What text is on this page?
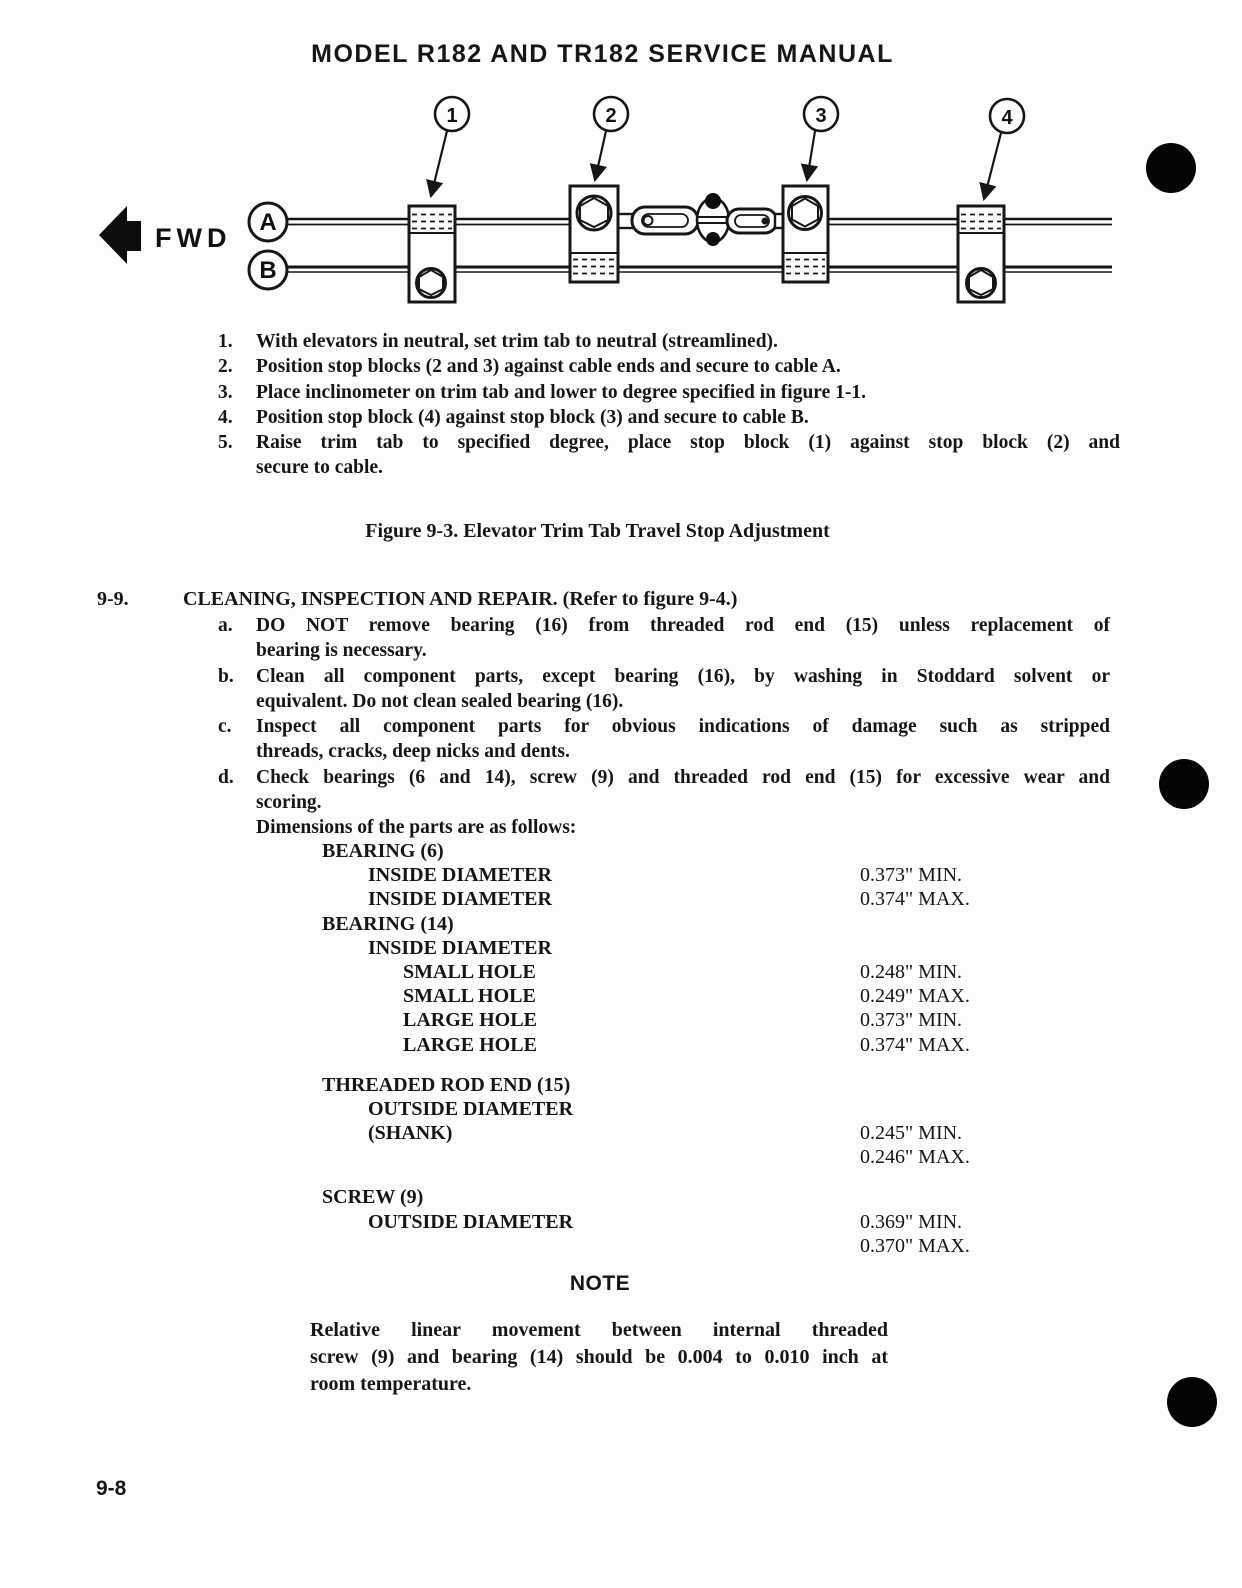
MODEL R182 AND TR182 SERVICE MANUAL
FWD
A
B
1	2	3	4
1.	With elevators in neutral, set trim tab to neutral (streamlined).
2.	Position stop blocks (2 and 3) against cable ends and secure to cable A.
3.	Place inclinometer on trim tab and lower to degree specified in figure 1-1.
4.	Position stop block (4) against stop block (3) and secure to cable B.
5.	Raise trim tab to specified degree, place stop block (1) against stop block (2) and
secure to cable.
Figure 9-3. Elevator Trim Tab Travel Stop Adjustment
9-9.	CLEANING, INSPECTION AND REPAIR. (Refer to figure 9-4.)
a.	DO NOT remove bearing (16) from threaded rod end (15) unless replacement of
bearing is necessary.
b.	Clean all component parts, except bearing (16), by washing in Stoddard solvent or
equivalent. Do not clean sealed bearing (16).
c.	Inspect all component parts for obvious indications of damage such as stripped
threads, cracks, deep nicks and dents.
d.	Check bearings (6 and 14), screw (9) and threaded rod end (15) for excessive wear and
scoring.
Dimensions of the parts are as follows:
BEARING (6)
INSIDE DIAMETER	0.373" MIN.
INSIDE DIAMETER	0.374" MAX.
BEARING (14)
INSIDE DIAMETER
SMALL HOLE	0.248" MIN.
SMALL HOLE	0.249" MAX.
LARGE HOLE	0.373" MIN.
LARGE HOLE	0.374" MAX.
THREADED ROD END (15)
OUTSIDE DIAMETER
(SHANK)	0.245" MIN.
0.246" MAX.
SCREW (9)
OUTSIDE DIAMETER	0.369" MIN.
0.370" MAX.
NOTE
Relative linear movement between internal threaded
screw (9) and bearing (14) should be 0.004 to 0.010 inch at
room temperature.
9-8
